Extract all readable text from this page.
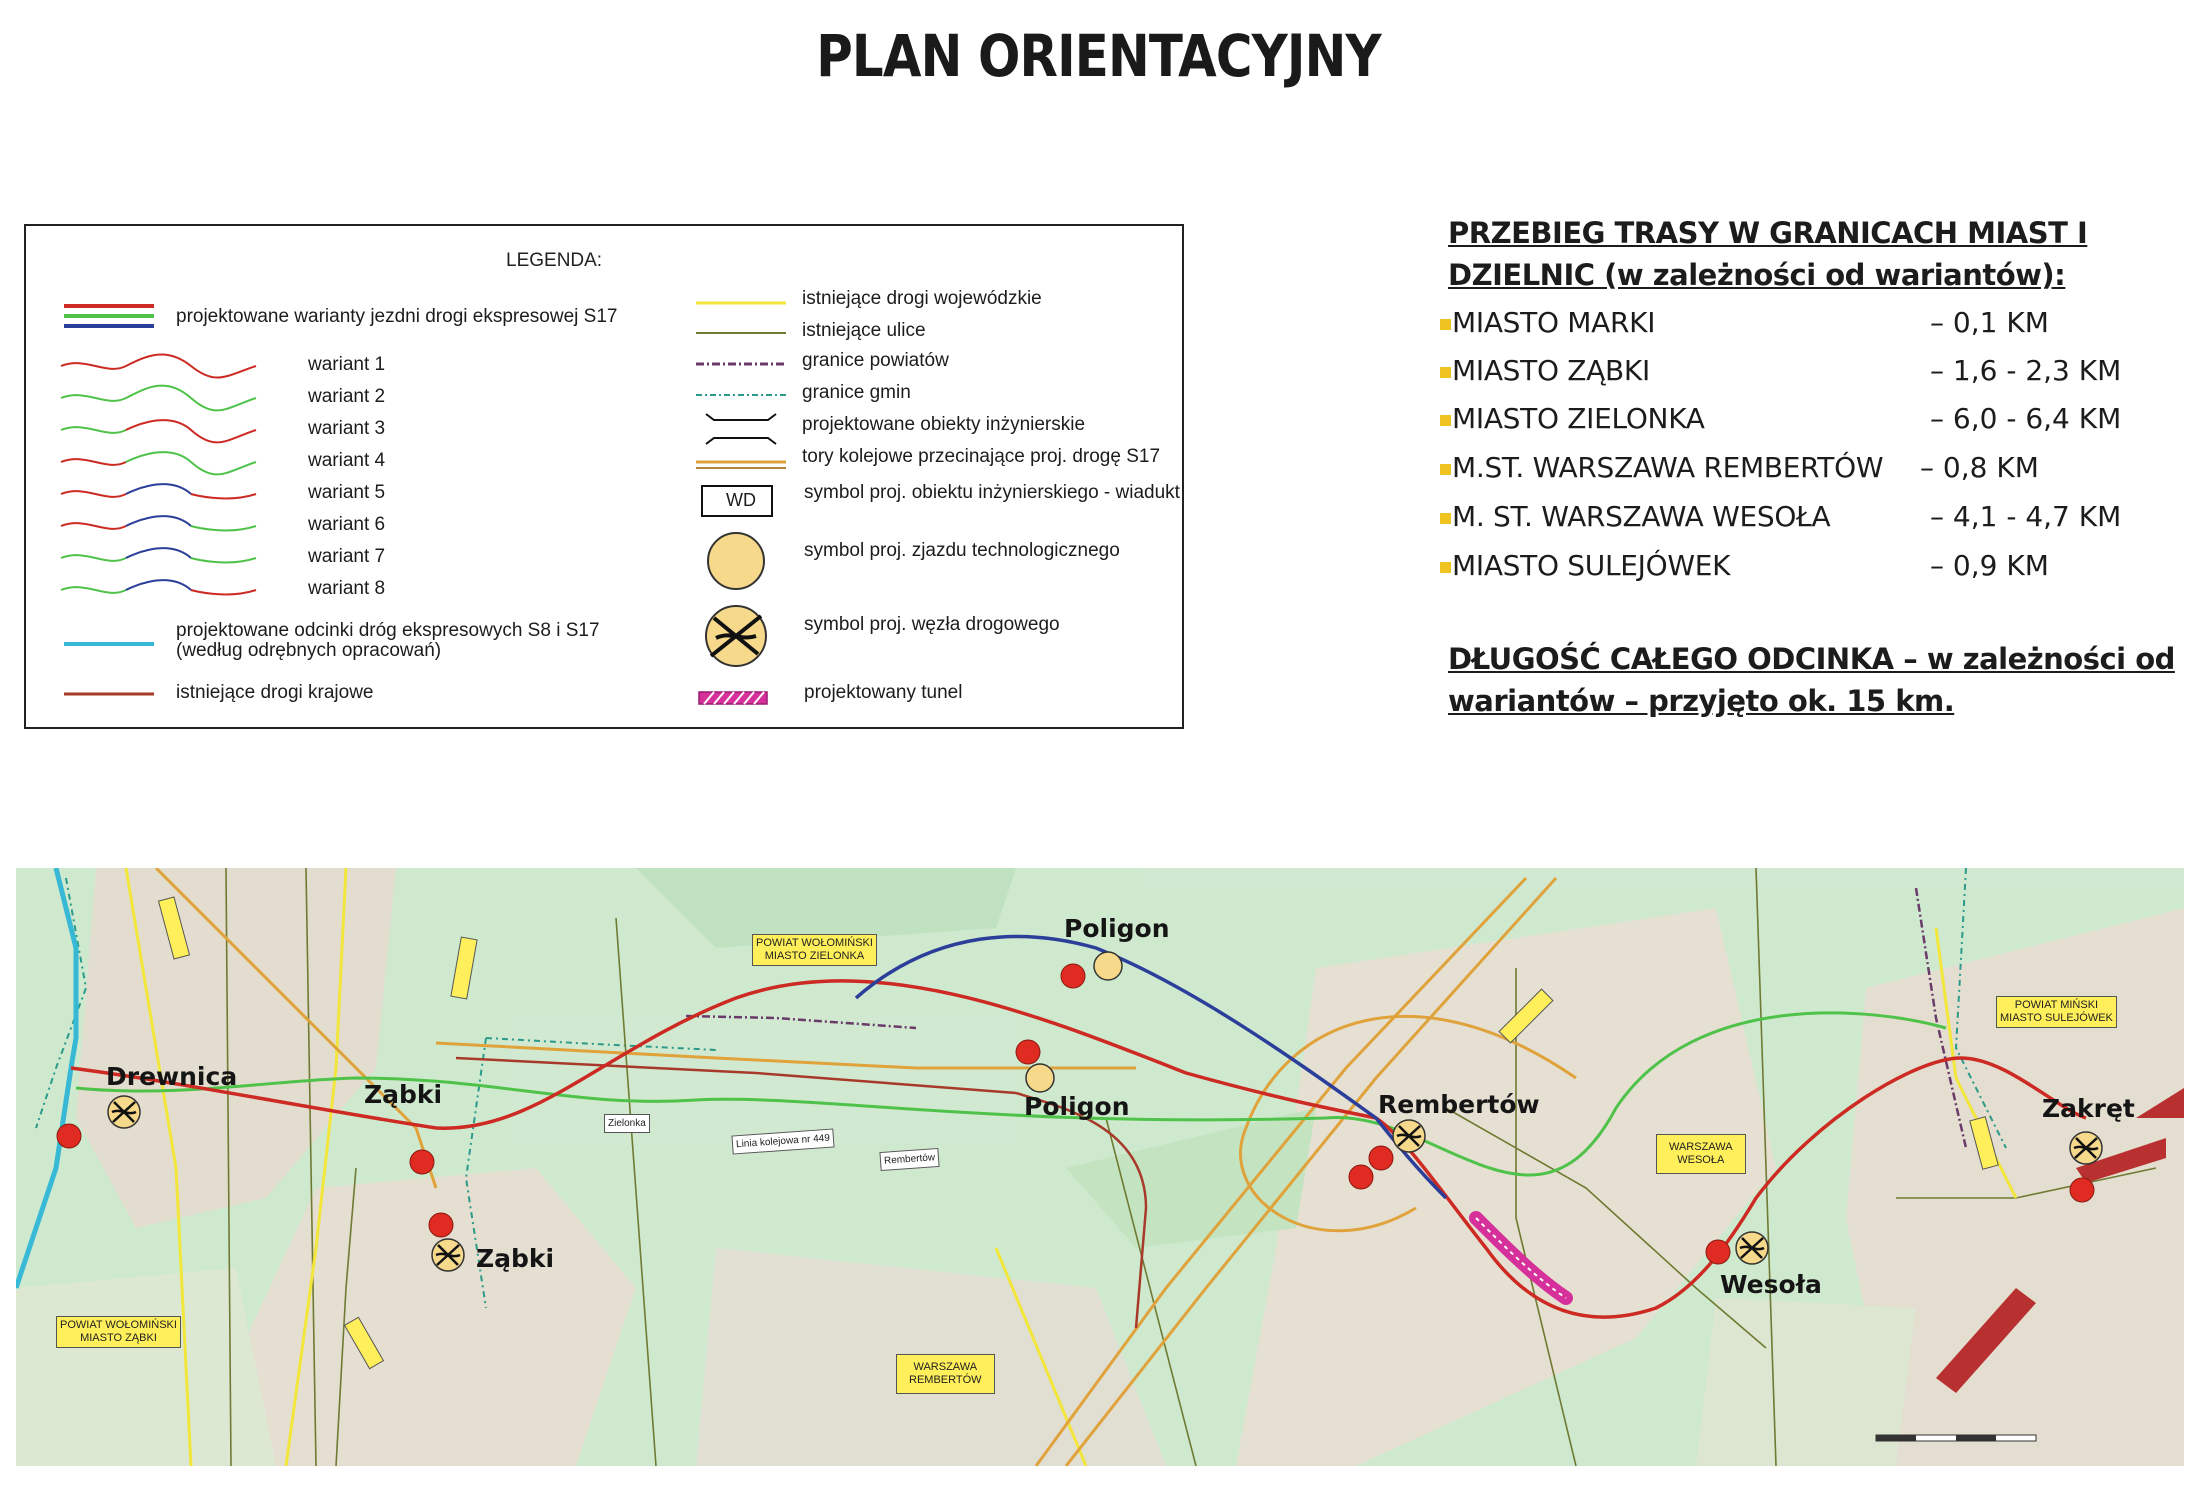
PLAN ORIENTACYJNY
LEGENDA:
projektowane warianty jezdni drogi ekspresowej S17
wariant 1
wariant 2
wariant 3
wariant 4
wariant 5
wariant 6
wariant 7
wariant 8
projektowane odcinki dróg ekspresowych S8 i S17
(według odrębnych opracowań)
istniejące drogi krajowe
WD
istniejące drogi wojewódzkie
istniejące ulice
granice powiatów
granice gmin
projektowane obiekty inżynierskie
tory kolejowe przecinające proj. drogę S17
symbol proj. obiektu inżynierskiego - wiadukt
symbol proj. zjazdu technologicznego
symbol proj. węzła drogowego
projektowany tunel
PRZEBIEG TRASY W GRANICACH MIAST I
DZIELNIC (w zależności od wariantów):
MIASTO MARKI	– 0,1 KM
MIASTO ZĄBKI	– 1,6 - 2,3 KM
MIASTO ZIELONKA	– 6,0 - 6,4 KM
M.ST. WARSZAWA REMBERTÓW – 0,8 KM
M. ST. WARSZAWA WESOŁA	– 4,1 - 4,7 KM
MIASTO SULEJÓWEK	– 0,9 KM
DŁUGOŚĆ CAŁEGO ODCINKA – w zależności od
wariantów – przyjęto ok. 15 km.
Drewnica
Ząbki
Ząbki
Poligon
Poligon	Rembertów
Wesoła
Zakręt
POWIAT WOŁOMIŃSKI
MIASTO ZIELONKA
POWIAT WOŁOMIŃSKI
MIASTO ZĄBKI
WARSZAWA
REMBERTÓW
WARSZAWA
WESOŁA
POWIAT MIŃSKI
MIASTO SULEJÓWEK
Zielonka
Linia kolejowa nr 449
Rembertów
